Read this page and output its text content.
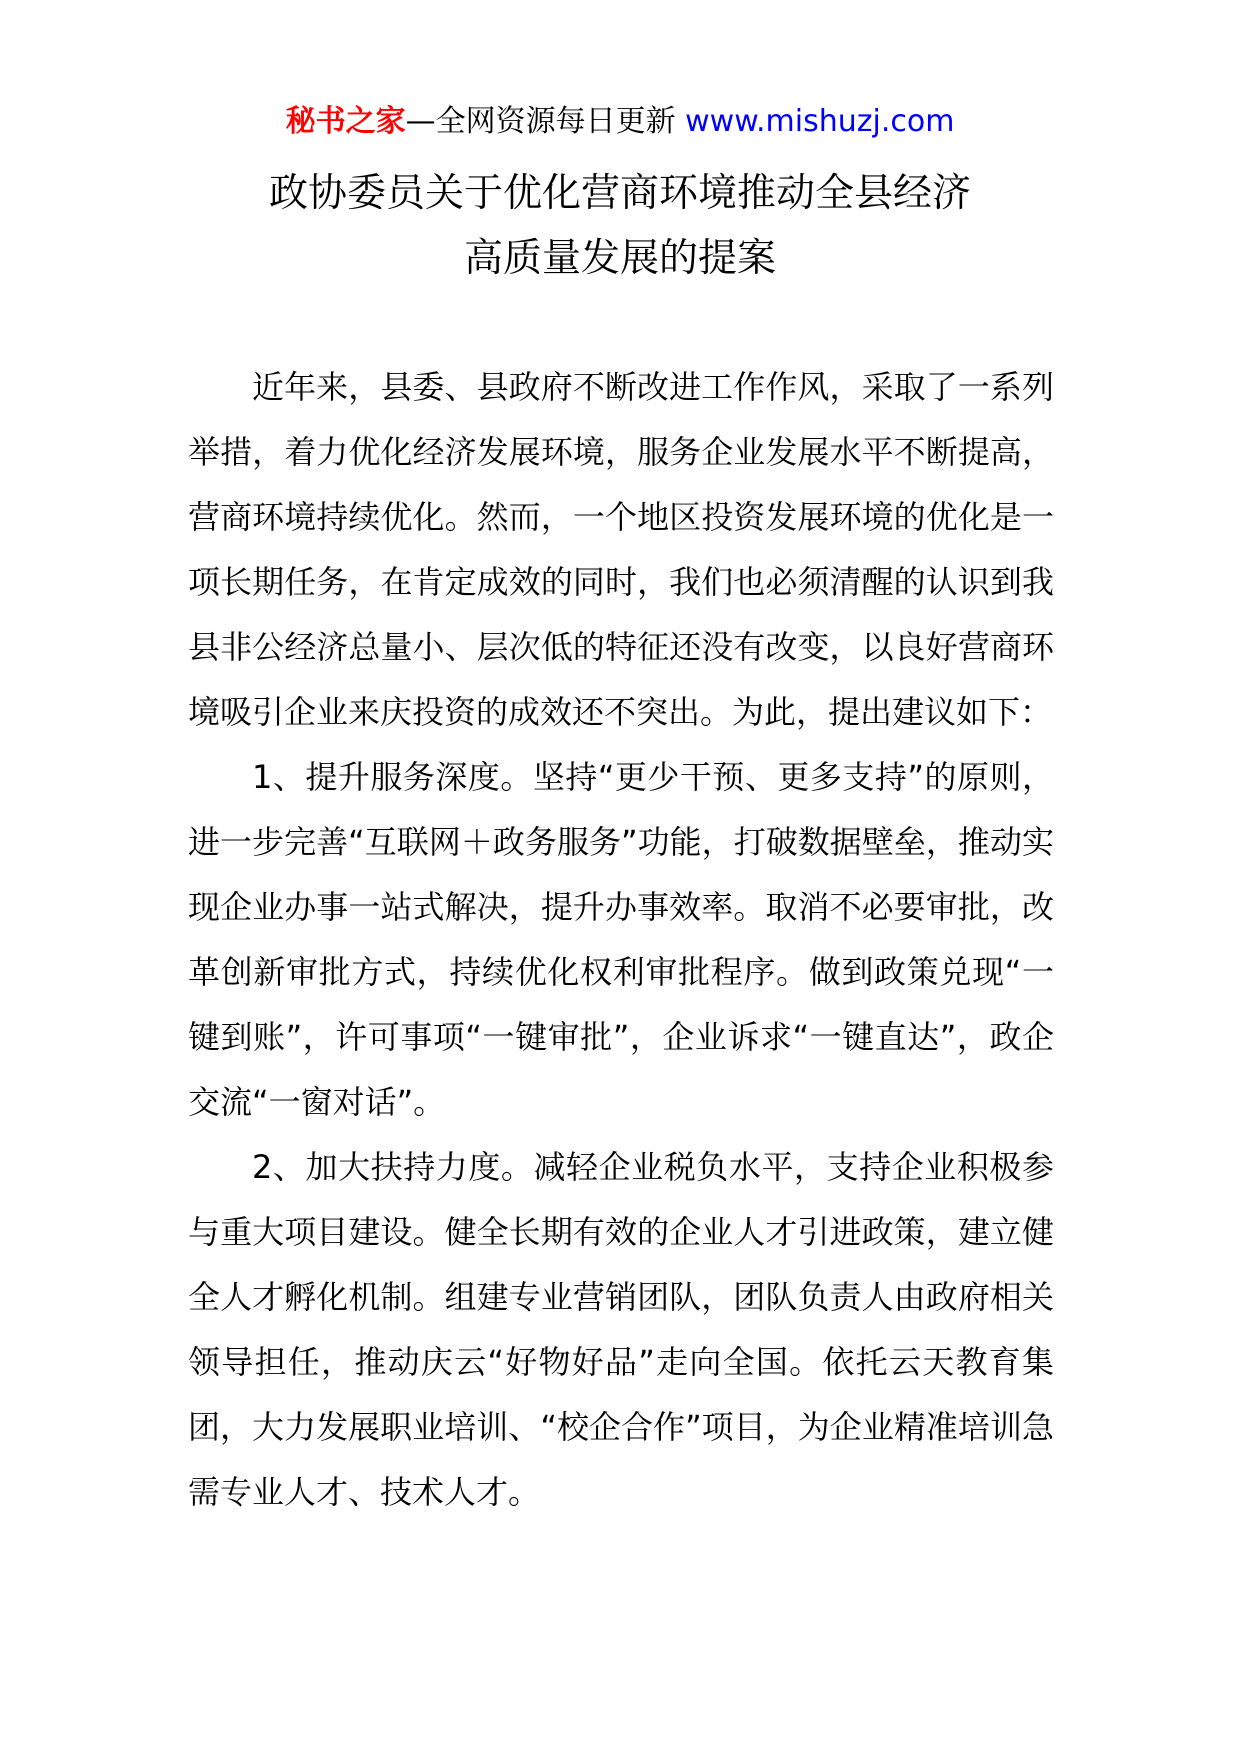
秘书之家—全网资源每日更新 www.mishuzj.com
政协委员关于优化营商环境推动全县经济
高质量发展的提案

近年来，县委、县政府不断改进工作作风，采取了一系列举措，着力优化经济发展环境，服务企业发展水平不断提高，营商环境持续优化。然而，一个地区投资发展环境的优化是一项长期任务，在肯定成效的同时，我们也必须清醒的认识到我县非公经济总量小、层次低的特征还没有改变，以良好营商环境吸引企业来庆投资的成效还不突出。为此，提出建议如下：

1、提升服务深度。坚持“更少干预、更多支持”的原则，进一步完善“互联网＋政务服务”功能，打破数据壁垒，推动实现企业办事一站式解决，提升办事效率。取消不必要审批，改革创新审批方式，持续优化权利审批程序。做到政策兑现“一键到账”，许可事项“一键审批”，企业诉求“一键直达”，政企交流“一窗对话”。

2、加大扶持力度。减轻企业税负水平，支持企业积极参与重大项目建设。健全长期有效的企业人才引进政策，建立健全人才孵化机制。组建专业营销团队，团队负责人由政府相关领导担任，推动庆云“好物好品”走向全国。依托云天教育集团，大力发展职业培训、“校企合作”项目，为企业精准培训急需专业人才、技术人才。
